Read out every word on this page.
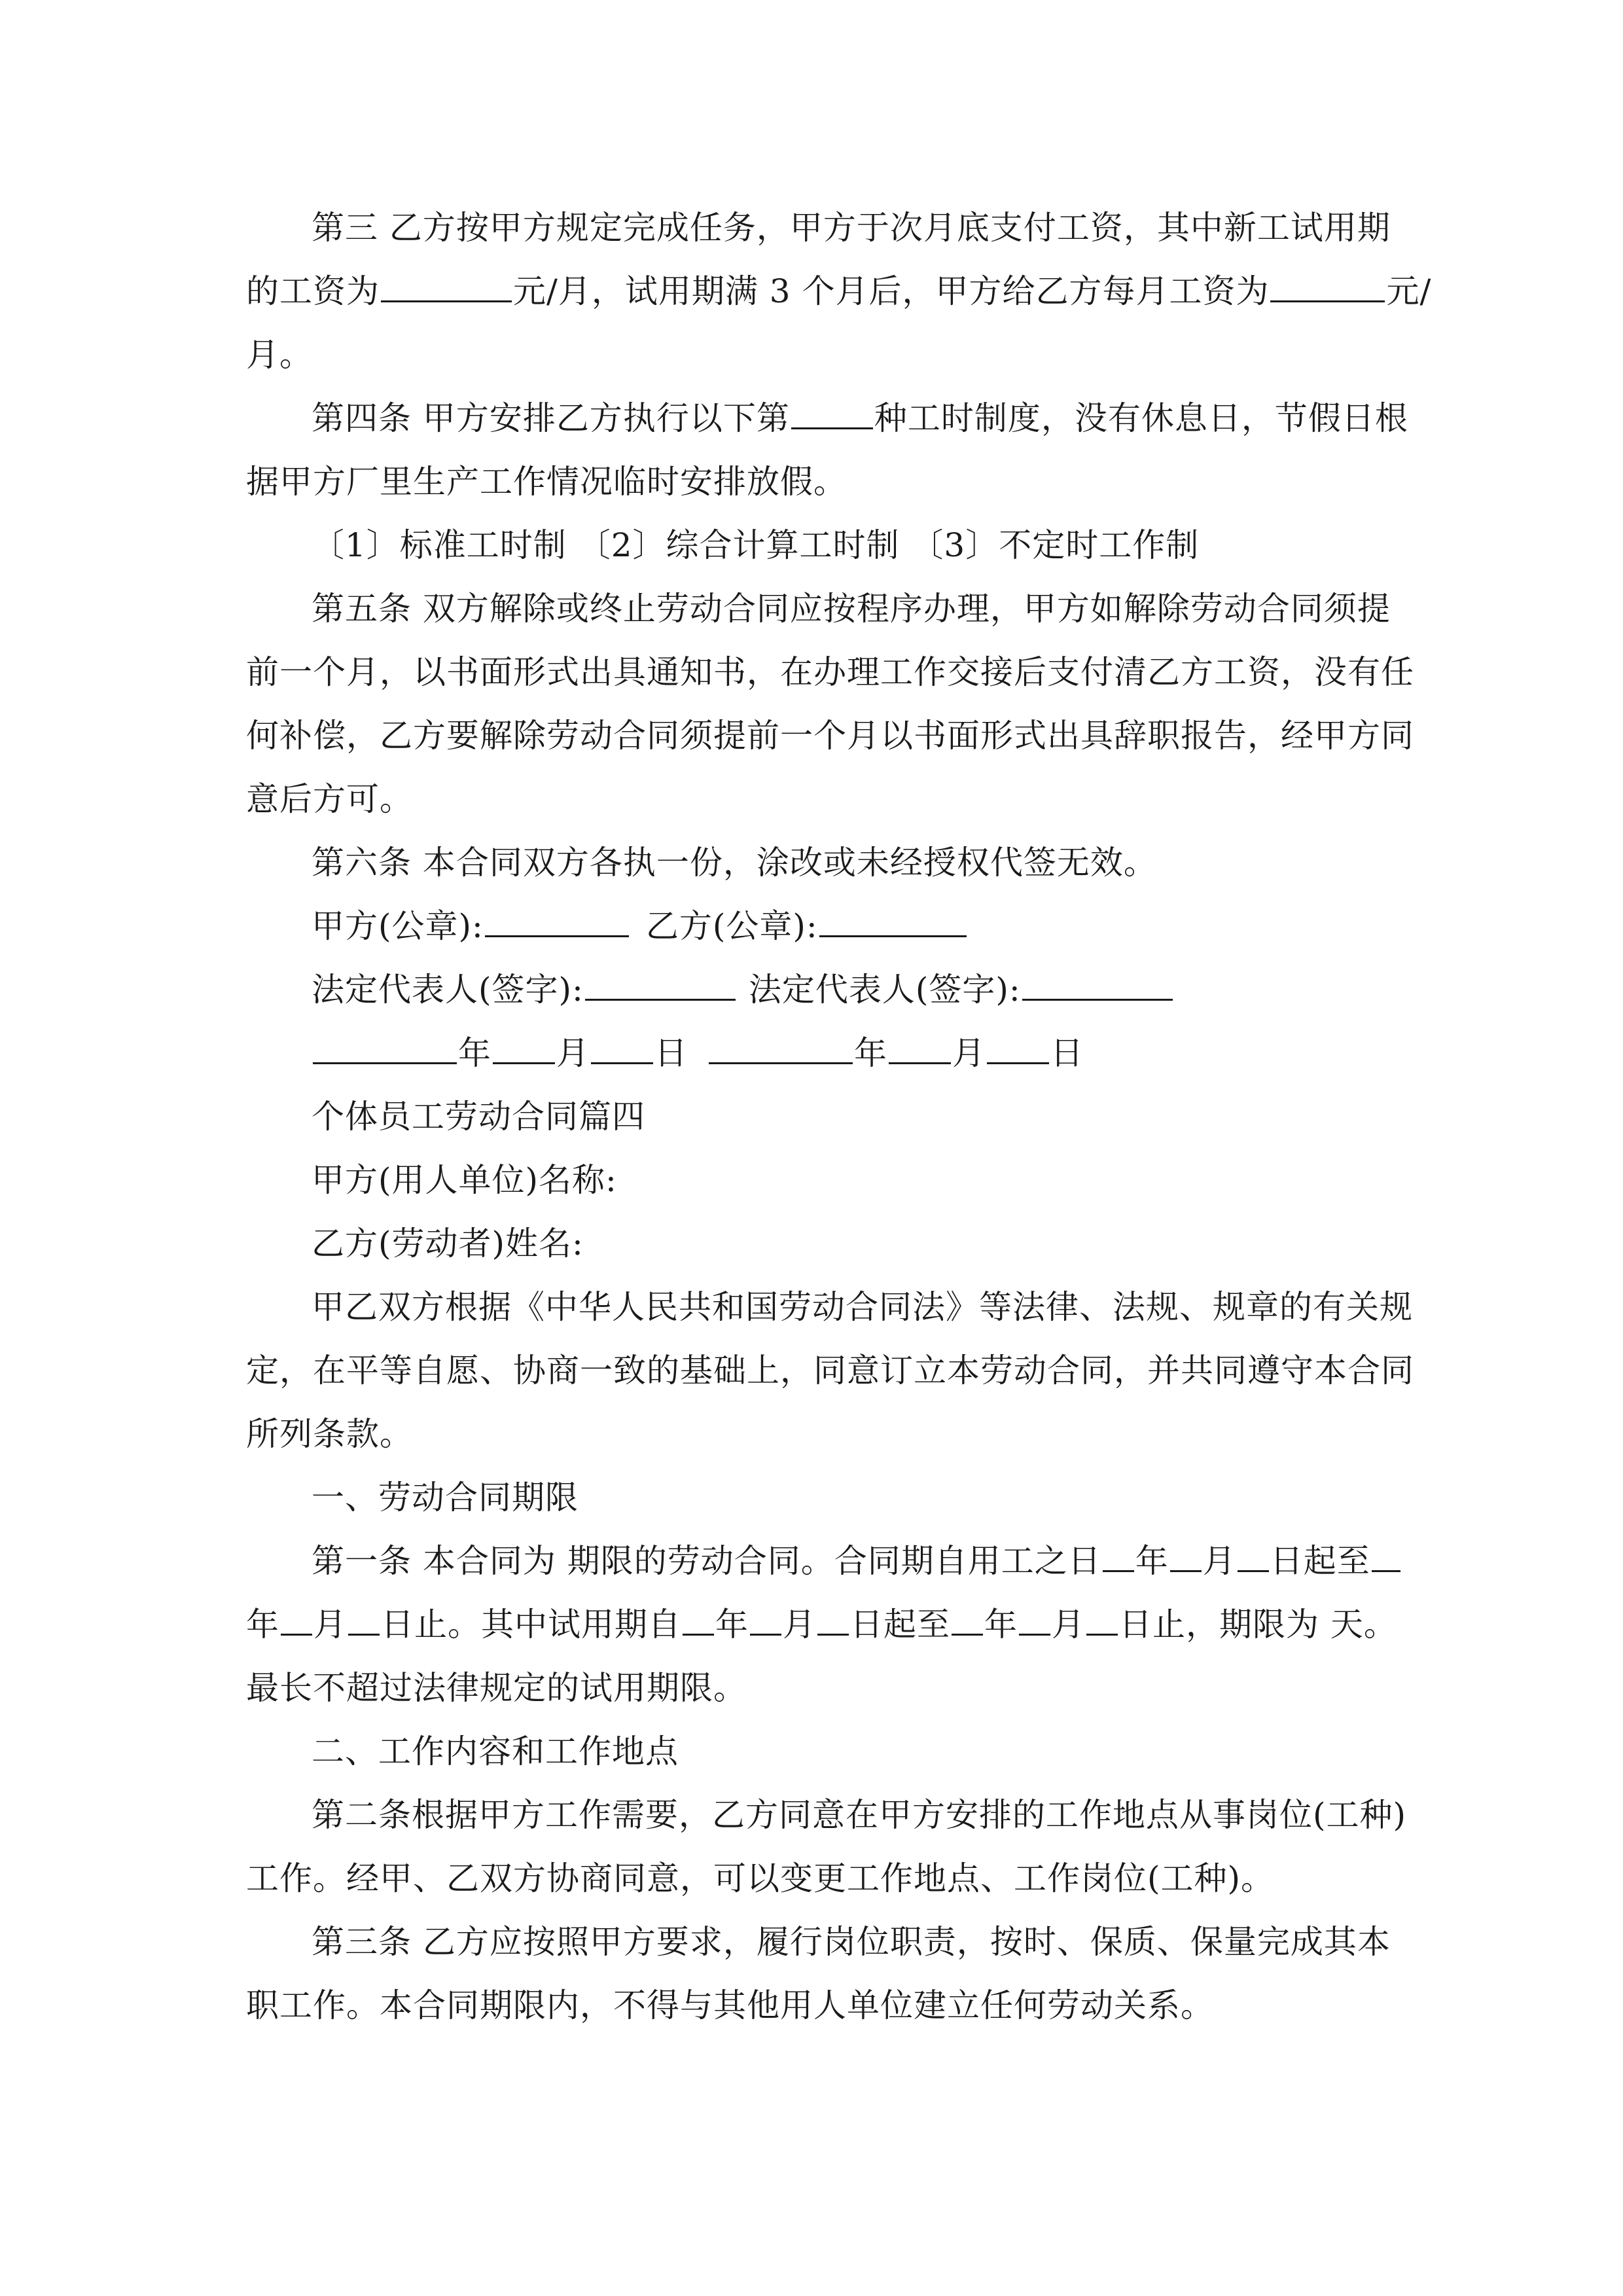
第三 乙方按甲方规定完成任务，甲方于次月底支付工资，其中新工试用期
的工资为	元/月，试用期满 3 个月后，甲方给乙方每月工资为	元/
月。
第四条 甲方安排乙方执行以下第	种工时制度，没有休息日，节假日根
据甲方厂里生产工作情况临时安排放假。
〔1〕标准工时制 〔2〕综合计算工时制 〔3〕不定时工作制
第五条 双方解除或终止劳动合同应按程序办理，甲方如解除劳动合同须提
前一个月，以书面形式出具通知书，在办理工作交接后支付清乙方工资，没有任
何补偿，乙方要解除劳动合同须提前一个月以书面形式出具辞职报告，经甲方同
意后方可。
第六条 本合同双方各执一份，涂改或未经授权代签无效。
甲方(公章):	乙方(公章):
法定代表人(签字):	法定代表人(签字):
年 月 日	年 月 日
个体员工劳动合同篇四
甲方(用人单位)名称:
乙方(劳动者)姓名:
甲乙双方根据《中华人民共和国劳动合同法》等法律、法规、规章的有关规
定，在平等自愿、协商一致的基础上，同意订立本劳动合同，并共同遵守本合同
所列条款。
一、劳动合同期限
第一条 本合同为 期限的劳动合同。合同期自用工之日 年 月 日起至
年 月 日止。其中试用期自 年 月 日起至 年 月 日止，期限为 天。
最长不超过法律规定的试用期限。
二、工作内容和工作地点
第二条根据甲方工作需要，乙方同意在甲方安排的工作地点从事岗位(工种)
工作。经甲、乙双方协商同意，可以变更工作地点、工作岗位(工种)。
第三条 乙方应按照甲方要求，履行岗位职责，按时、保质、保量完成其本
职工作。本合同期限内，不得与其他用人单位建立任何劳动关系。
